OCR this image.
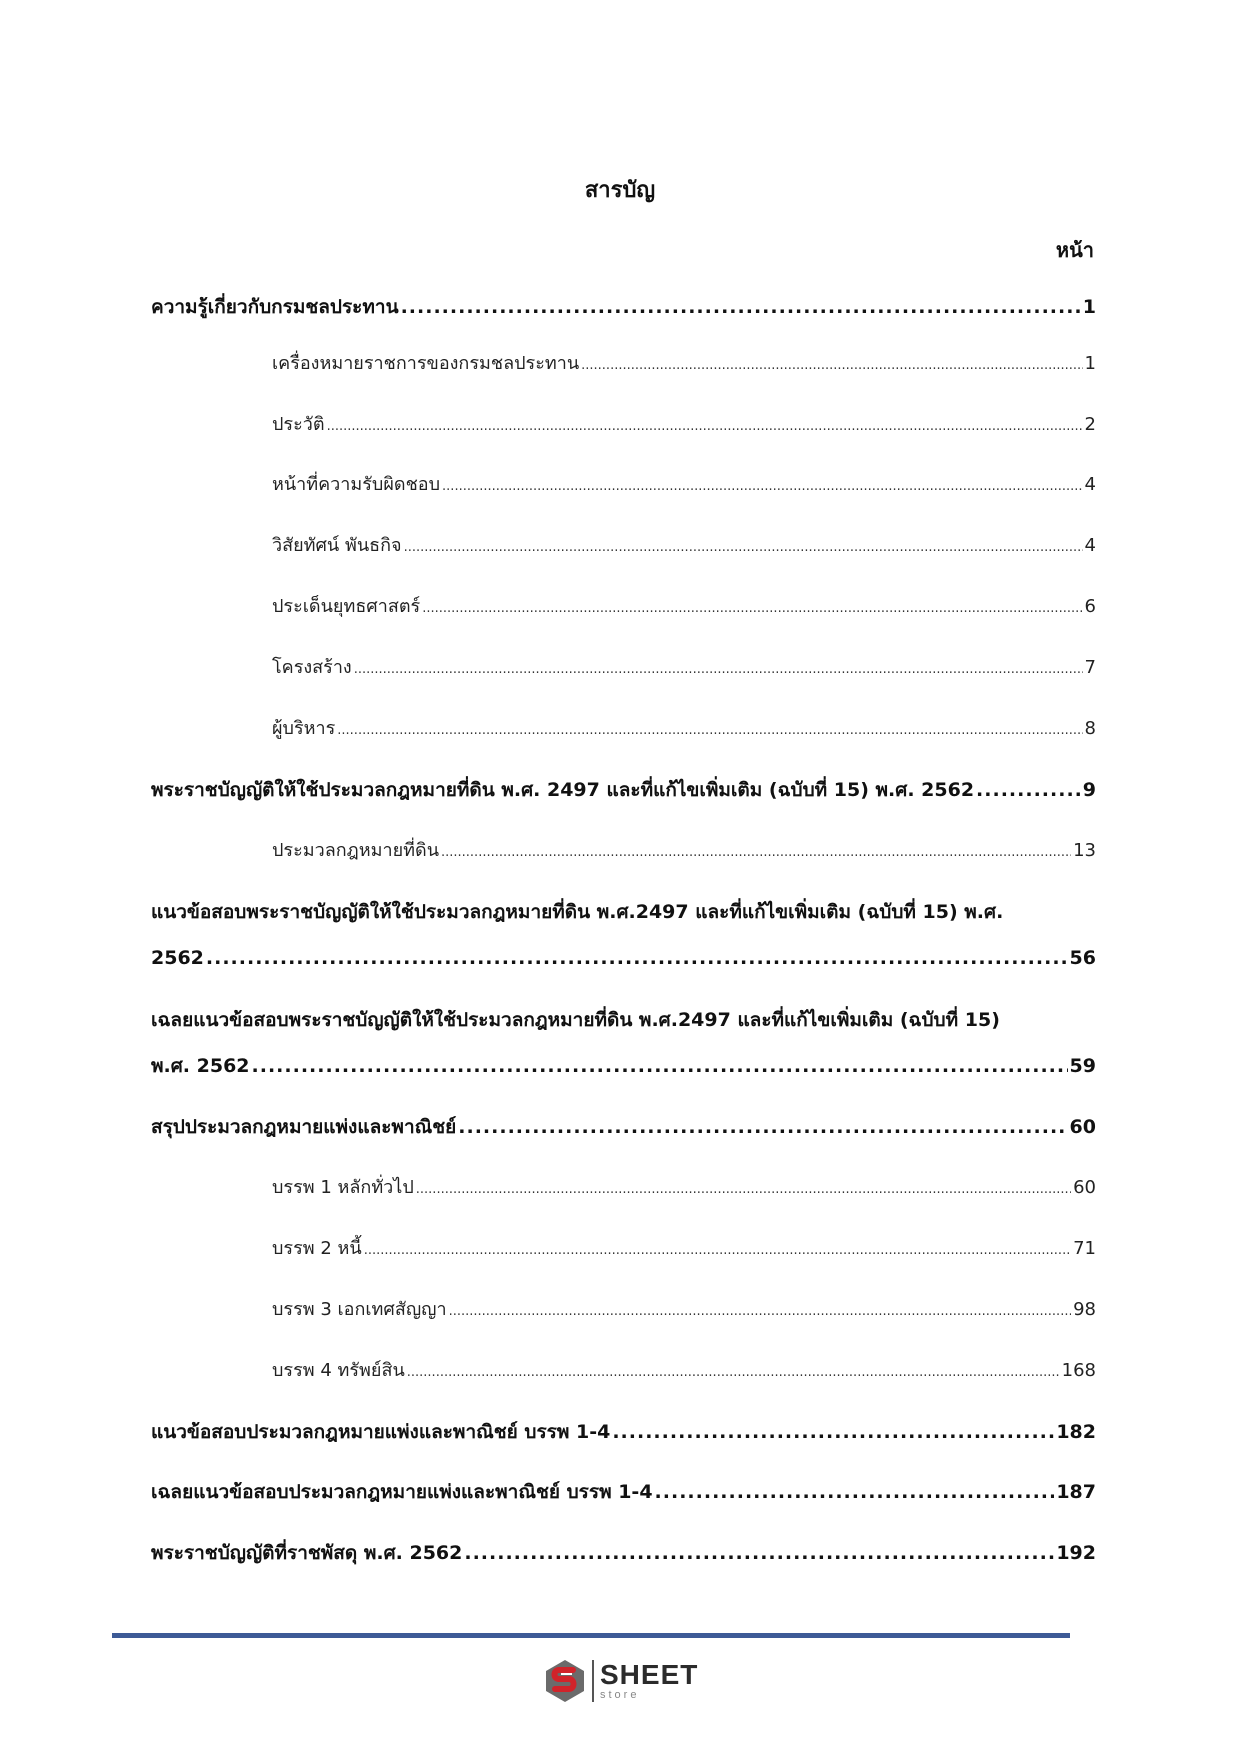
สารบัญ
หน้า
ความรู้เกี่ยวกับกรมชลประทาน .....	1
เครื่องหมายราชการของกรมชลประทาน .....	1
ประวัติ .....	2
หน้าที่ความรับผิดชอบ .....	4
วิสัยทัศน์ พันธกิจ .....	4
ประเด็นยุทธศาสตร์ .....	6
โครงสร้าง .....	7
ผู้บริหาร .....	8
พระราชบัญญัติให้ใช้ประมวลกฎหมายที่ดิน พ.ศ. 2497 และที่แก้ไขเพิ่มเติม (ฉบับที่ 15) พ.ศ. 2562 .....	9
ประมวลกฎหมายที่ดิน .....	13
แนวข้อสอบพระราชบัญญัติให้ใช้ประมวลกฎหมายที่ดิน พ.ศ.2497 และที่แก้ไขเพิ่มเติม (ฉบับที่ 15) พ.ศ.
2562 .....	56
เฉลยแนวข้อสอบพระราชบัญญัติให้ใช้ประมวลกฎหมายที่ดิน พ.ศ.2497 และที่แก้ไขเพิ่มเติม (ฉบับที่ 15)
พ.ศ. 2562 .....	59
สรุปประมวลกฎหมายแพ่งและพาณิชย์ .....	60
บรรพ 1 หลักทั่วไป .....	60
บรรพ 2 หนี้ .....	71
บรรพ 3 เอกเทศสัญญา .....	98
บรรพ 4 ทรัพย์สิน .....	168
แนวข้อสอบประมวลกฎหมายแพ่งและพาณิชย์ บรรพ 1-4 .....	182
เฉลยแนวข้อสอบประมวลกฎหมายแพ่งและพาณิชย์ บรรพ 1-4 .....	187
พระราชบัญญัติที่ราชพัสดุ พ.ศ. 2562 .....	192
SHEET
store
